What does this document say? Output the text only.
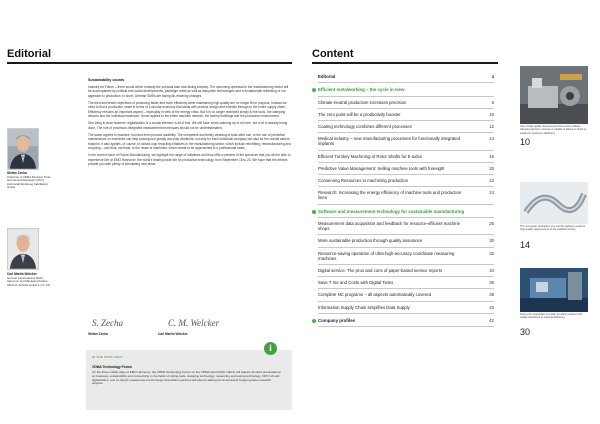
Editorial
Stefan Zecha
Chairman of VDMA Precision Tools and General Managers (ZCC) Hartmetall-Werkzeug Fabrikation GmbH
Carl Martin Welcker
General Commissioner EMO Hannover and Managing Partner Alfred H. Schütte GmbH & CO. KG
Sustainability counts

Industry for Future – three words which embody the colossal task now facing industry. The upcoming upheaval in the manufacturing sector will be accompanied by political and social developments, paradigm shifts as well as disruptive technologies and a fundamental rethinking of our approach to production. In short, German SMEs are facing far-reaching changes.

The tried and tested objectives of producing faster and more efficiently while maintaining high quality are no longer fit for purpose. Instead we need to find a production mode in terms of a circular economy that starts with product design and extends through to the entire supply chain. Efficiency remains an important aspect – especially in view of the energy crisis. But it is no longer restricted simply to the tools, the clamping devices and the individual machines. It now applies to the entire machine network, the factory buildings and the production environment.

One thing is clear however: digitalization is a crucial element in all of this. We still have some catching up to do here, but a lot is already being done. The role of processor-integrated measurement techniques should not be underestimated.

The same applies to machine, tool and even product durability. The competent and timely cleaning of tools after use, or the use of predictive maintenance on machines can help prolong tool greatly and play dividends, not only for each individual company but also for the overall carbon footprint. It also applies, of course, to closed-loop recycling initiatives in the manufacturing sector, which include retrofitting, remanufacturing and recycling – and thus, not least, to the reuse of machines, which needs to be approached in a professional basis.

In the current issue of Future Manufacturing, we highlight the range of initiatives and thus offer a preview of the spectrum that you will be able to experience live at EMO Hannover, the world's leading trade fair for production technology, from September 18 to 23. We hope that the articles provide you with plenty of stimulating new ideas.

S. Zecha	C. M. Welcker
Stefan Zecha	Carl Martin Welcker
IN THE SPOTLIGHT
VDMA Technology Forum
On the three middle days of EMO Hannover, the VDMA Technology Forum on the VDMA stand (D40, Hall 6) will feature 30 short presentations on business, sustainability and connectivity in the fields of cutting tools, clamping technology, measuring and testing technology, OPC UA and digitalization, and on length measurement technology. Association partners will also be taking part and present forgiving latest research projects.
i
Content
Editorial	4
Efficient metalworking – the cycle in view
Climate-neutral production increases precision	6
The zero point will be a productivity booster	10
Coating technology combines different processes	12
Medical industry – new manufacturing processes for functionally integrated implants
14
Efficient Turnkey Machining of Rotor Shafts for E-axles	16
Predictive Value Management: Selling machine tools with foresight	20
Conserving Resources in machining production	22
Research: Increasing the energy efficiency of machine tools and production lines
24
Software and measurement technology for sustainable manufacturing
Measurement data acquisition and feedback for resource-efficient machine shops
26
More sustainable production through quality assurance	30
Resource-saving operation of ultra-high-accuracy coordinate measuring machines
32
Digital service: The pros and cons of paper-based service reports	34
Save T me and Costs with Digital Twins	36
Complete NC programs – all aspects automatically covered	38
Information Supply Chain simplifies Data Supply	40
Company profiles	42
Use of high-quality clamping and zero-point modules: clamping devices, ensures re-inkable & allows to which to expand to maximum efficiency
10
The sommelier production of a coil the cadaver needs for high quality requirements of the medical industry.
14
During the production of a laser kit which produce with quality assurance to maximal efficiency.
30
